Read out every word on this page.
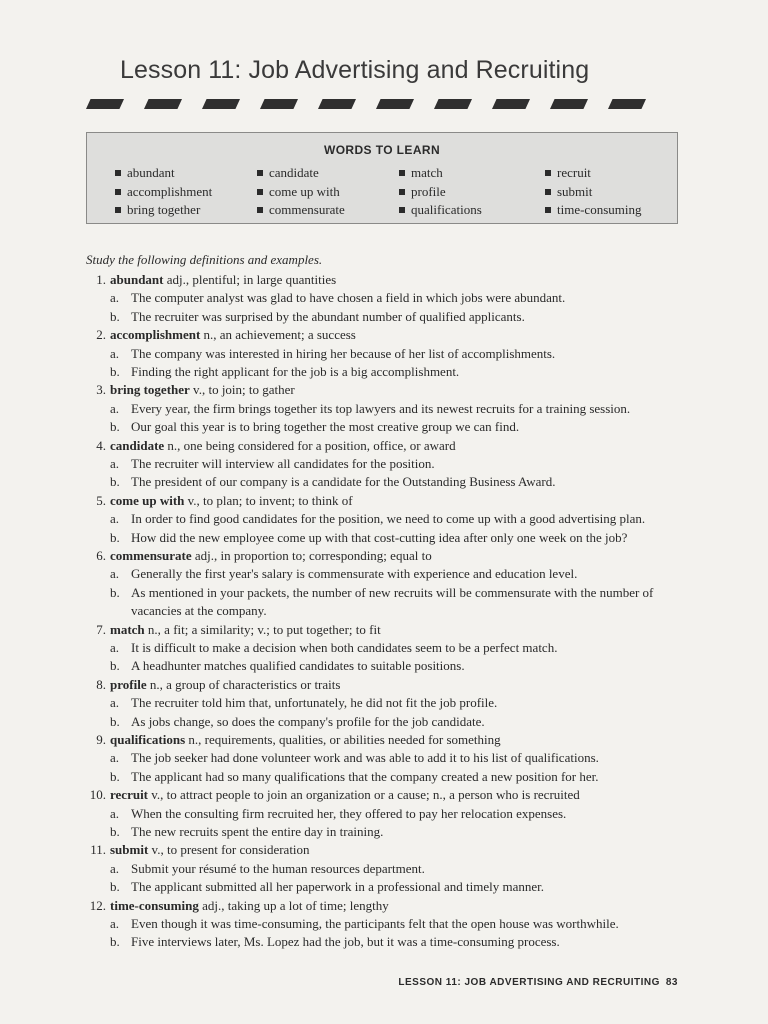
Lesson 11: Job Advertising and Recruiting
WORDS TO LEARN
abundant
accomplishment
bring together
candidate
come up with
commensurate
match
profile
qualifications
recruit
submit
time-consuming
Study the following definitions and examples.
1. abundant adj., plentiful; in large quantities
a. The computer analyst was glad to have chosen a field in which jobs were abundant.
b. The recruiter was surprised by the abundant number of qualified applicants.
2. accomplishment n., an achievement; a success
a. The company was interested in hiring her because of her list of accomplishments.
b. Finding the right applicant for the job is a big accomplishment.
3. bring together v., to join; to gather
a. Every year, the firm brings together its top lawyers and its newest recruits for a training session.
b. Our goal this year is to bring together the most creative group we can find.
4. candidate n., one being considered for a position, office, or award
a. The recruiter will interview all candidates for the position.
b. The president of our company is a candidate for the Outstanding Business Award.
5. come up with v., to plan; to invent; to think of
a. In order to find good candidates for the position, we need to come up with a good advertising plan.
b. How did the new employee come up with that cost-cutting idea after only one week on the job?
6. commensurate adj., in proportion to; corresponding; equal to
a. Generally the first year's salary is commensurate with experience and education level.
b. As mentioned in your packets, the number of new recruits will be commensurate with the number of vacancies at the company.
7. match n., a fit; a similarity; v.; to put together; to fit
a. It is difficult to make a decision when both candidates seem to be a perfect match.
b. A headhunter matches qualified candidates to suitable positions.
8. profile n., a group of characteristics or traits
a. The recruiter told him that, unfortunately, he did not fit the job profile.
b. As jobs change, so does the company's profile for the job candidate.
9. qualifications n., requirements, qualities, or abilities needed for something
a. The job seeker had done volunteer work and was able to add it to his list of qualifications.
b. The applicant had so many qualifications that the company created a new position for her.
10. recruit v., to attract people to join an organization or a cause; n., a person who is recruited
a. When the consulting firm recruited her, they offered to pay her relocation expenses.
b. The new recruits spent the entire day in training.
11. submit v., to present for consideration
a. Submit your résumé to the human resources department.
b. The applicant submitted all her paperwork in a professional and timely manner.
12. time-consuming adj., taking up a lot of time; lengthy
a. Even though it was time-consuming, the participants felt that the open house was worthwhile.
b. Five interviews later, Ms. Lopez had the job, but it was a time-consuming process.
LESSON 11: JOB ADVERTISING AND RECRUITING 83
